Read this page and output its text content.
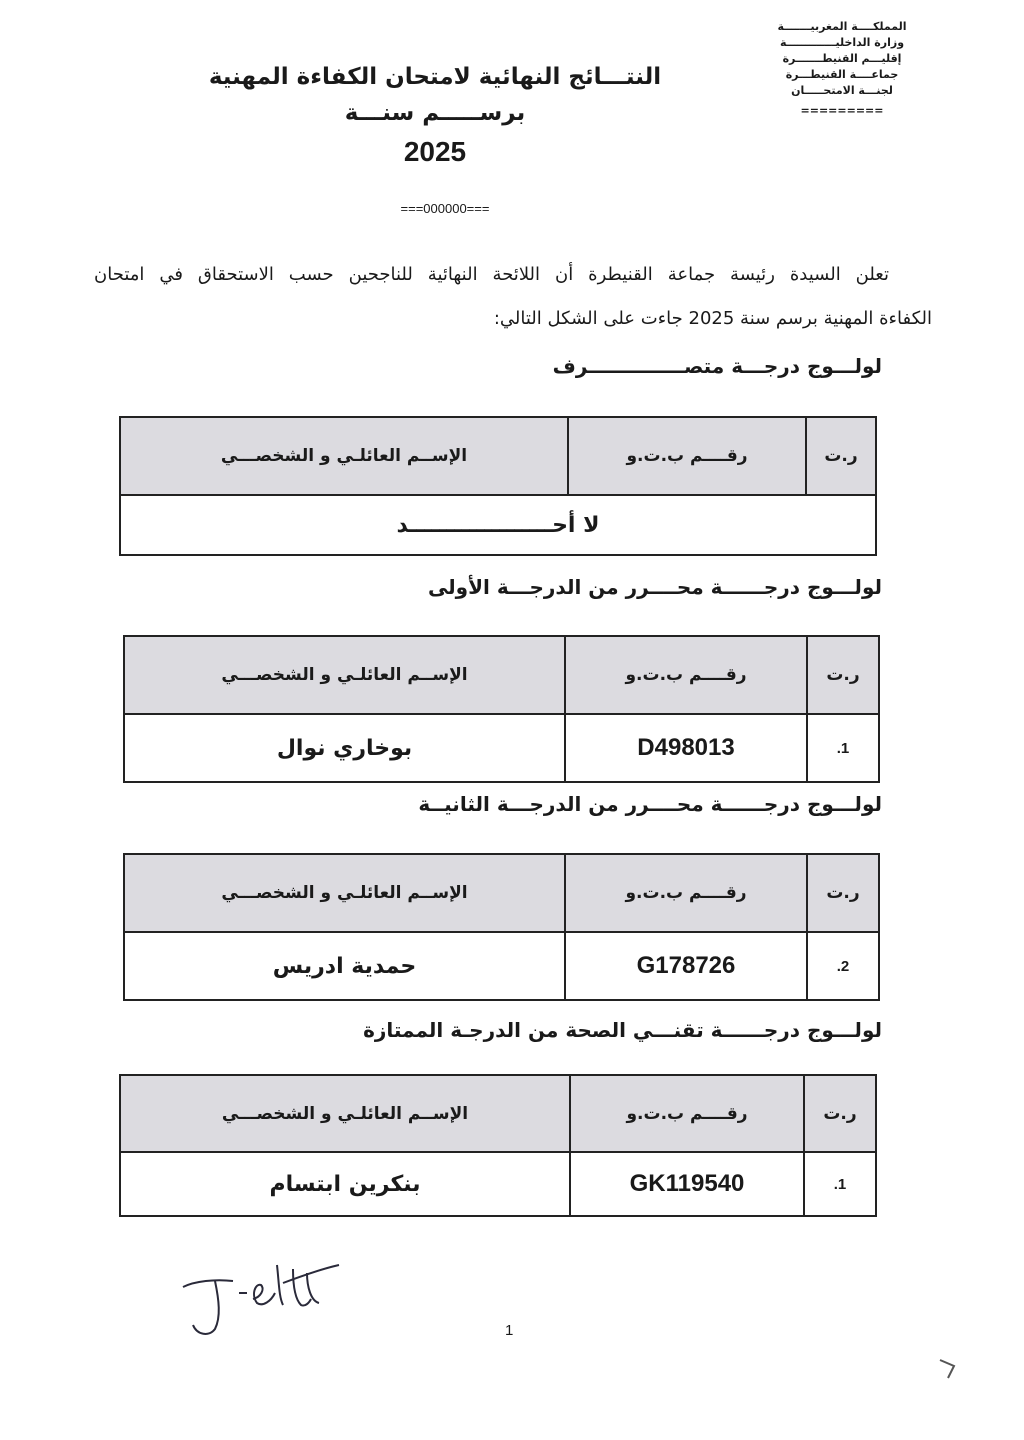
المملكــــة المغربيـــــــة
وزارة الداخليـــــــــــــة
إقليـــم القنيطـــــــرة
جماعــــة القنيطـــرة
لجنـــة الامتحـــــان
=========
النتـــائج النهائية لامتحان الكفاءة المهنية
برســـــم سنـــة
2025
===000000===
تعلن السيدة رئيسة جماعة القنيطرة أن اللائحة النهائية للناجحين حسب الاستحقاق في امتحان
الكفاءة المهنية برسم سنة 2025 جاءت على الشكل التالي:
لولـــوج درجـــة متصــــــــــــــرف
ر.ت
رقــــم ب.ت.و
الإســم العائلـي و الشخصـــي
لا أحـــــــــــــــــــد
لولـــوج درجــــــة محــــرر من الدرجـــة الأولى
ر.ت
رقــــم ب.ت.و
الإســم العائلـي و الشخصـــي
1.
D498013
بوخاري نوال
لولـــوج درجــــــة محــــرر من الدرجـــة الثانيــة
ر.ت
رقــــم ب.ت.و
الإســم العائلـي و الشخصـــي
2.
G178726
حمدية ادريس
لولـــوج درجــــــة تقنـــي الصحة من الدرجـة الممتازة
ر.ت
رقــــم ب.ت.و
الإســم العائلـي و الشخصـــي
1.
GK119540
بنكرين ابتسام
1
